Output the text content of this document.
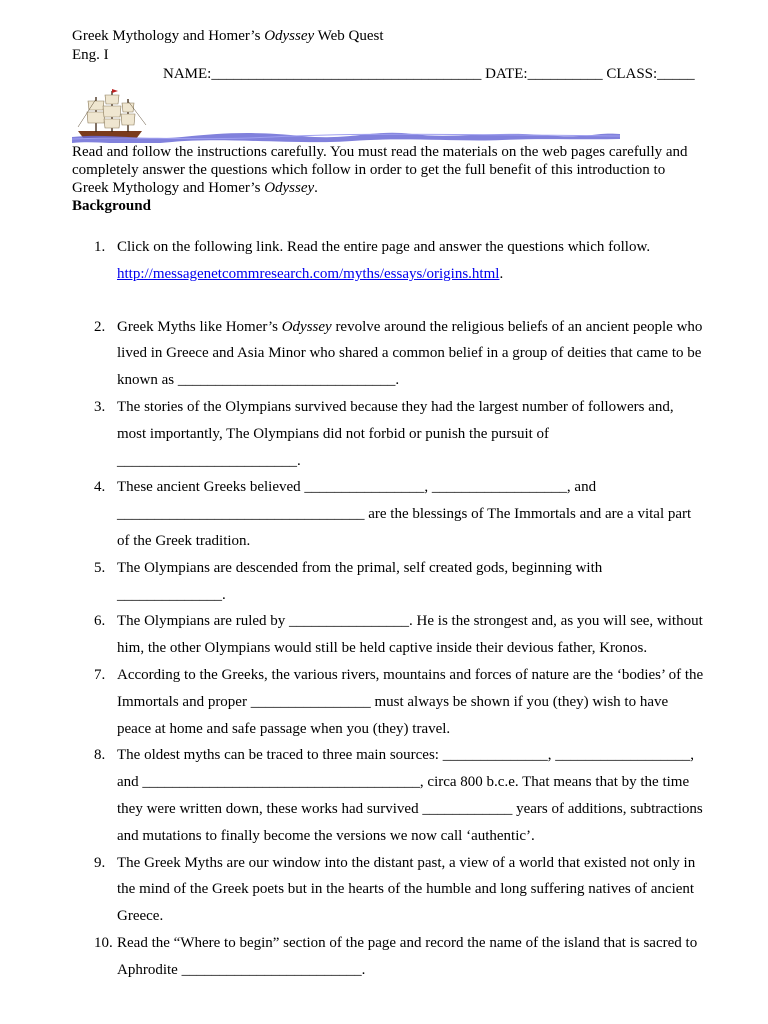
Greek Mythology and Homer’s Odyssey Web Quest
Eng. I
NAME:____________________________________ DATE:__________ CLASS:_____
Read and follow the instructions carefully. You must read the materials on the web pages carefully and completely answer the questions which follow in order to get the full benefit of this introduction to Greek Mythology and Homer’s Odyssey.
Background
1. Click on the following link. Read the entire page and answer the questions which follow.
http://messagenetcommresearch.com/myths/essays/origins.html.
2. Greek Myths like Homer’s Odyssey revolve around the religious beliefs of an ancient people who lived in Greece and Asia Minor who shared a common belief in a group of deities that came to be known as _____________________________.
3. The stories of the Olympians survived because they had the largest number of followers and, most importantly, The Olympians did not forbid or punish the pursuit of ________________________.
4. These ancient Greeks believed ________________, __________________, and _________________________________ are the blessings of The Immortals and are a vital part of the Greek tradition.
5. The Olympians are descended from the primal, self created gods, beginning with ______________.
6. The Olympians are ruled by ________________. He is the strongest and, as you will see, without him, the other Olympians would still be held captive inside their devious father, Kronos.
7. According to the Greeks, the various rivers, mountains and forces of nature are the ‘bodies’ of the Immortals and proper ________________ must always be shown if you (they) wish to have peace at home and safe passage when you (they) travel.
8. The oldest myths can be traced to three main sources: ______________, __________________, and _____________________________________, circa 800 b.c.e. That means that by the time they were written down, these works had survived ____________ years of additions, subtractions and mutations to finally become the versions we now call ‘authentic’.
9. The Greek Myths are our window into the distant past, a view of a world that existed not only in the mind of the Greek poets but in the hearts of the humble and long suffering natives of ancient Greece.
10. Read the “Where to begin” section of the page and record the name of the island that is sacred to Aphrodite ________________________.
